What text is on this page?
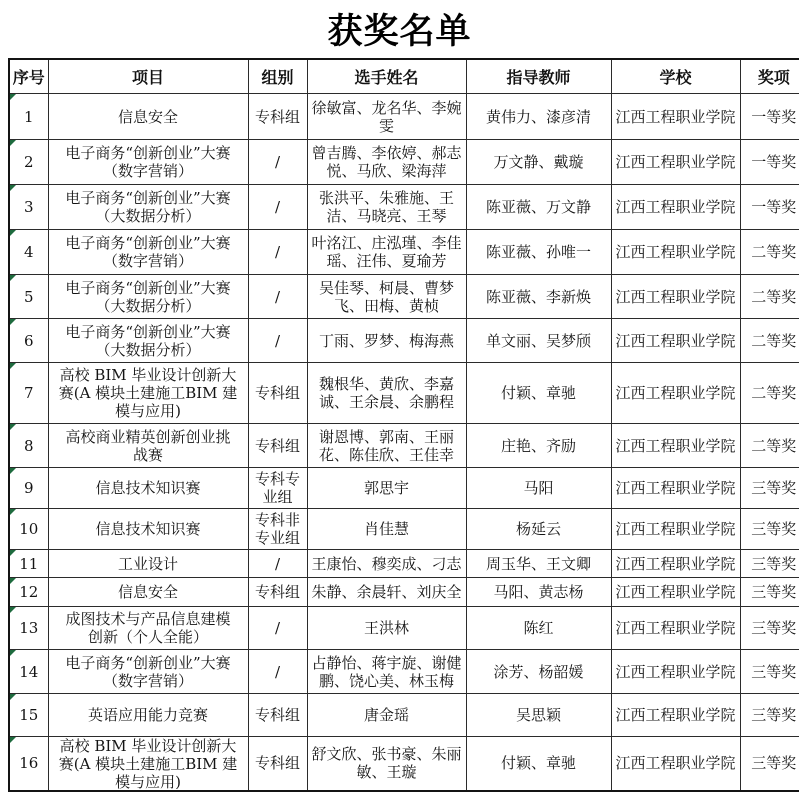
获奖名单
序号	项目	组别	选手姓名	指导教师	学校	奖项

1	信息安全	专科组	徐敏富、龙名华、李婉雯	黄伟力、漆彦清	江西工程职业学院	一等奖

2	电子商务“创新创业”大赛（数字营销）	/	曾吉腾、李依婷、郝志悦、马欣、梁海萍	万文静、戴璇	江西工程职业学院	一等奖

3	电子商务“创新创业”大赛（大数据分析）	/	张洪平、朱雅施、王洁、马晓亮、王琴	陈亚薇、万文静	江西工程职业学院	一等奖

4	电子商务“创新创业”大赛（数字营销）	/	叶洺江、庄泓瑾、李佳瑶、汪伟、夏瑜芳	陈亚薇、孙唯一	江西工程职业学院	二等奖

5	电子商务“创新创业”大赛（大数据分析）	/	吴佳琴、柯晨、曹梦飞、田梅、黄桢	陈亚薇、李新焕	江西工程职业学院	二等奖

6	电子商务“创新创业”大赛（大数据分析）	/	丁雨、罗梦、梅海燕	单文丽、吴梦颀	江西工程职业学院	二等奖

7	高校 BIM 毕业设计创新大赛(A 模块土建施工BIM 建模与应用)	专科组	魏根华、黄欣、李嘉诚、王余晨、余鹏程	付颖、章驰	江西工程职业学院	二等奖

8	高校商业精英创新创业挑战赛	专科组	谢恩博、郭南、王丽花、陈佳欣、王佳幸	庄艳、齐励	江西工程职业学院	二等奖

9	信息技术知识赛	专科专业组	郭思宇	马阳	江西工程职业学院	三等奖

10	信息技术知识赛	专科非专业组	肖佳慧	杨延云	江西工程职业学院	三等奖

11	工业设计	/	王康怡、穆奕成、刁志	周玉华、王文卿	江西工程职业学院	三等奖

12	信息安全	专科组	朱静、余晨轩、刘庆全	马阳、黄志杨	江西工程职业学院	三等奖

13	成图技术与产品信息建模创新（个人全能）	/	王洪林	陈红	江西工程职业学院	三等奖

14	电子商务“创新创业”大赛（数字营销）	/	占静怡、蒋宇旋、谢健鹏、饶心美、林玉梅	涂芳、杨韶媛	江西工程职业学院	三等奖

15	英语应用能力竞赛	专科组	唐金瑶	吴思颖	江西工程职业学院	三等奖

16	高校 BIM 毕业设计创新大赛(A 模块土建施工BIM 建模与应用)	专科组	舒文欣、张书豪、朱丽敏、王璇	付颖、章驰	江西工程职业学院	三等奖
